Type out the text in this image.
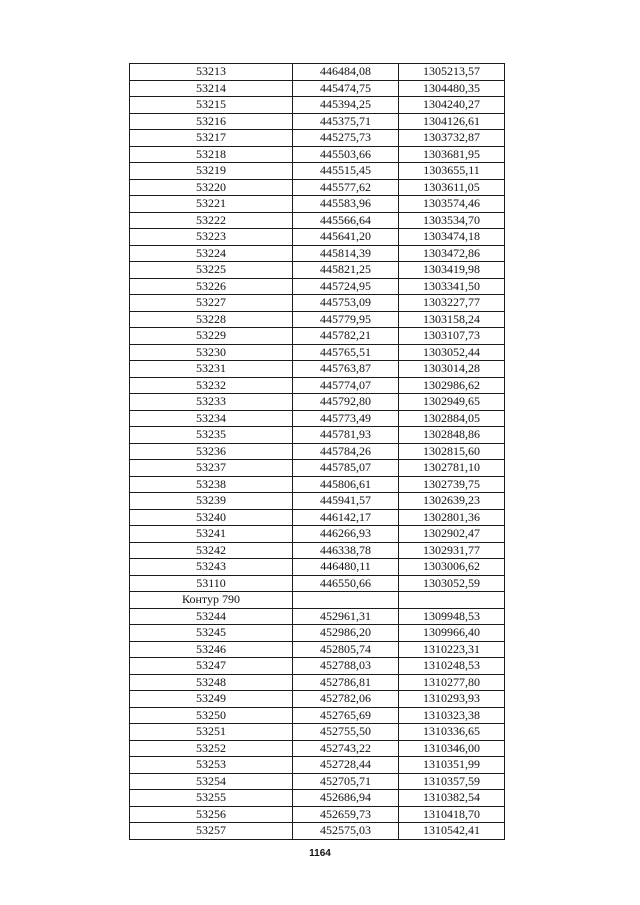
53213	446484,08	1305213,57
53214	445474,75	1304480,35
53215	445394,25	1304240,27
53216	445375,71	1304126,61
53217	445275,73	1303732,87
53218	445503,66	1303681,95
53219	445515,45	1303655,11
53220	445577,62	1303611,05
53221	445583,96	1303574,46
53222	445566,64	1303534,70
53223	445641,20	1303474,18
53224	445814,39	1303472,86
53225	445821,25	1303419,98
53226	445724,95	1303341,50
53227	445753,09	1303227,77
53228	445779,95	1303158,24
53229	445782,21	1303107,73
53230	445765,51	1303052,44
53231	445763,87	1303014,28
53232	445774,07	1302986,62
53233	445792,80	1302949,65
53234	445773,49	1302884,05
53235	445781,93	1302848,86
53236	445784,26	1302815,60
53237	445785,07	1302781,10
53238	445806,61	1302739,75
53239	445941,57	1302639,23
53240	446142,17	1302801,36
53241	446266,93	1302902,47
53242	446338,78	1302931,77
53243	446480,11	1303006,62
53110	446550,66	1303052,59
Контур 790		
53244	452961,31	1309948,53
53245	452986,20	1309966,40
53246	452805,74	1310223,31
53247	452788,03	1310248,53
53248	452786,81	1310277,80
53249	452782,06	1310293,93
53250	452765,69	1310323,38
53251	452755,50	1310336,65
53252	452743,22	1310346,00
53253	452728,44	1310351,99
53254	452705,71	1310357,59
53255	452686,94	1310382,54
53256	452659,73	1310418,70
53257	452575,03	1310542,41
1164
